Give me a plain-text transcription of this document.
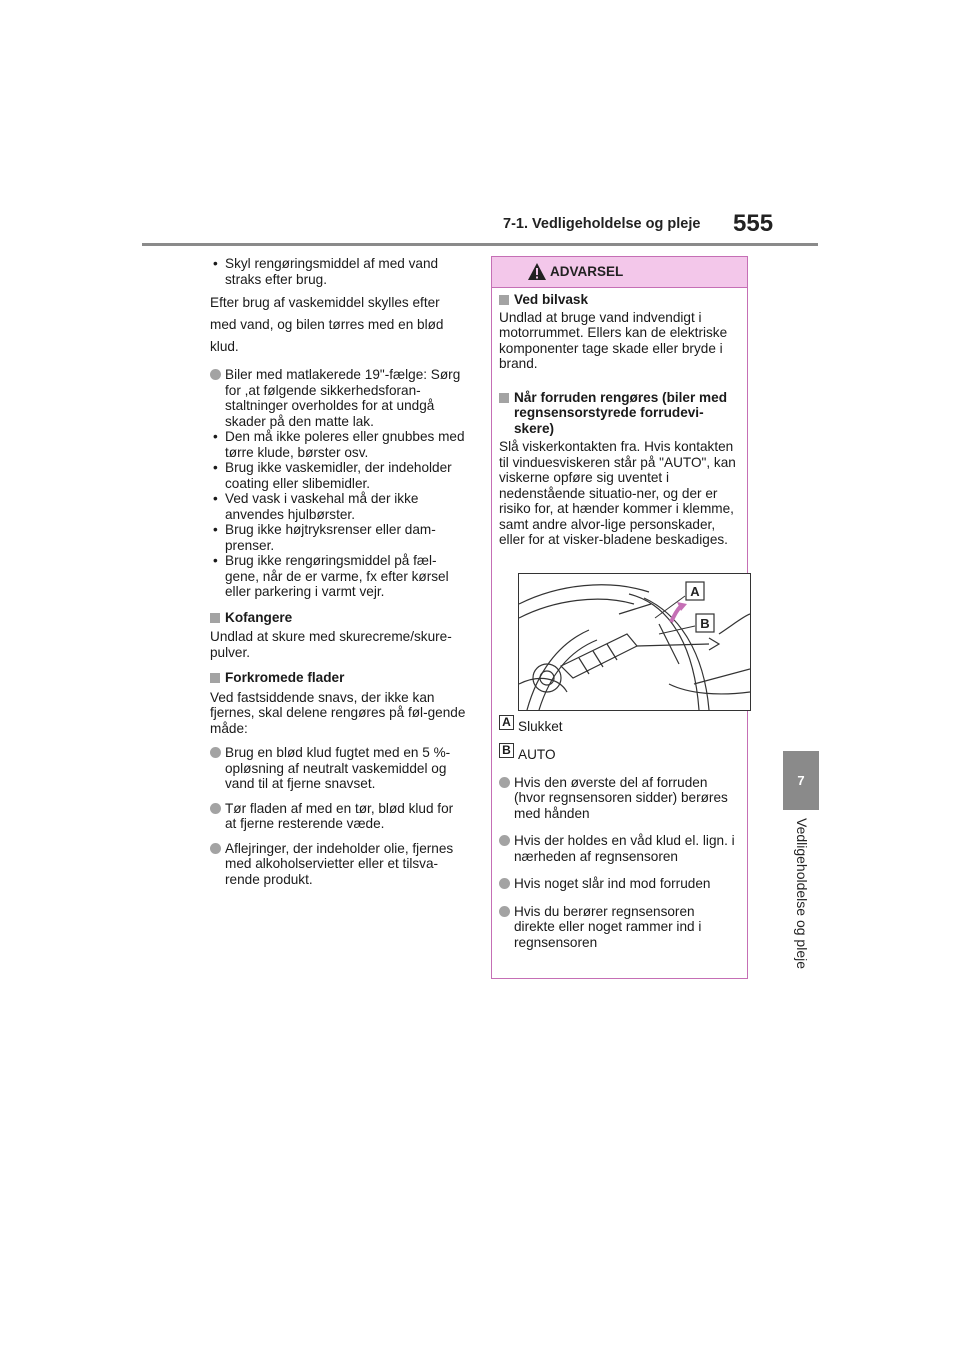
7-1. Vedligeholdelse og pleje 555
7
Vedligeholdelse og pleje

• Skyl rengøringsmiddel af med vand straks efter brug.

Efter brug af vaskemiddel skylles efter med vand, og bilen tørres med en blød klud.

Biler med matlakerede 19"-fælge: Sørg for ,at følgende sikkerhedsforan-staltninger overholdes for at undgå skader på den matte lak.
• Den må ikke poleres eller gnubbes med tørre klude, børster osv.
• Brug ikke vaskemidler, der indeholder coating eller slibemidler.
• Ved vask i vaskehal må der ikke anvendes hjulbørster.
• Brug ikke højtryksrenser eller dam-prenser.
• Brug ikke rengøringsmiddel på fæl-gene, når de er varme, fx efter kørsel eller parkering i varmt vejr.
Kofangere

Undlad at skure med skurecreme/skure-pulver.

Forkromede flader

Ved fastsiddende snavs, der ikke kan fjernes, skal delene rengøres på føl-gende måde:

Brug en blød klud fugtet med en 5 %-opløsning af neutralt vaskemiddel og vand til at fjerne snavset.
Tør fladen af med en tør, blød klud for at fjerne resterende væde.
Aflejringer, der indeholder olie, fjernes med alkoholservietter eller et tilsva-rende produkt.
ADVARSEL
Ved bilvask

Undlad at bruge vand indvendigt i motorrummet. Ellers kan de elektriske komponenter tage skade eller bryde i brand.

Når forruden rengøres (biler med regnsensorstyrede forrudevi-skere)

Slå viskerkontakten fra. Hvis kontakten til vinduesviskeren står på "AUTO", kan viskerne opføre sig uventet i nedenstående situatio-ner, og der er risiko for, at hænder kommer i klemme, samt andre alvor-lige personskader, eller for at visker-bladene beskadiges.

A
B
A Slukket
B AUTO
Hvis den øverste del af forruden (hvor regnsensoren sidder) berøres med hånden
Hvis der holdes en våd klud el. lign. i nærheden af regnsensoren
Hvis noget slår ind mod forruden
Hvis du berører regnsensoren direkte eller noget rammer ind i regnsensoren
